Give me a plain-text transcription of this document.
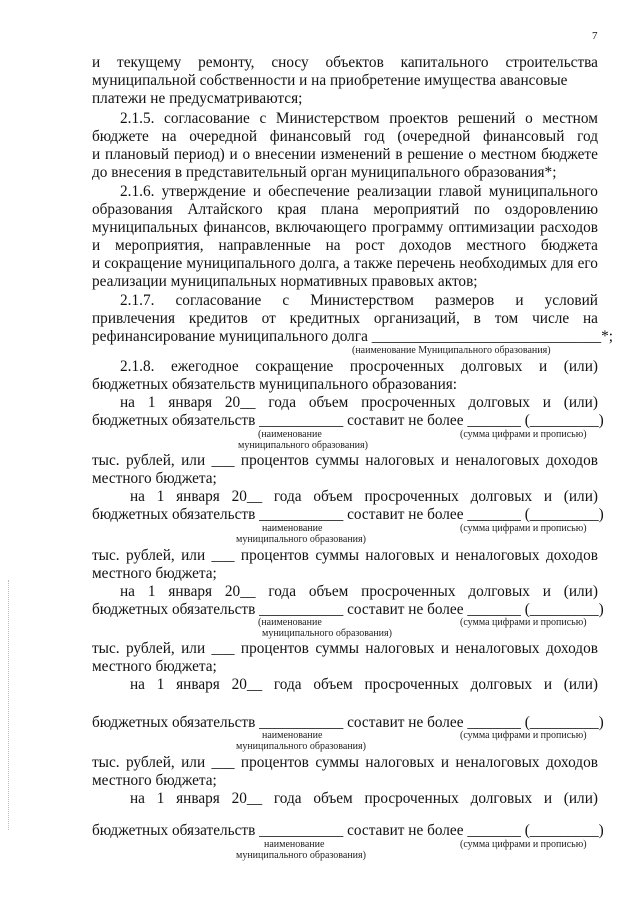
7
и текущему ремонту, сносу объектов капитального строительства
муниципальной собственности и на приобретение имущества авансовые
платежи не предусматриваются;
2.1.5. согласование с Министерством проектов решений о местном
бюджете на очередной финансовый год (очередной финансовый год
и плановый период) и о внесении изменений в решение о местном бюджете
до внесения в представительный орган муниципального образования*;
2.1.6. утверждение и обеспечение реализации главой муниципального
образования Алтайского края плана мероприятий по оздоровлению
муниципальных финансов, включающего программу оптимизации расходов
и мероприятия, направленные на рост доходов местного бюджета
и сокращение муниципального долга, а также перечень необходимых для его
реализации муниципальных нормативных правовых актов;
2.1.7. согласование с Министерством размеров и условий
привлечения кредитов от кредитных организаций, в том числе на
рефинансирование муниципального долга ______________________________*;
(наименование Муниципального образования)
2.1.8. ежегодное сокращение просроченных долговых и (или)
бюджетных обязательств муниципального образования:
на 1 января 20__ года объем просроченных долговых и (или)
бюджетных обязательств ___________ составит не более _______ (_________)
(наименование	(сумма цифрами и прописью)
муниципального образования)
тыс. рублей, или ___ процентов суммы налоговых и неналоговых доходов
местного бюджета;
на 1 января 20__ года объем просроченных долговых и (или)
бюджетных обязательств ___________ составит не более _______ (_________)
наименование	(сумма цифрами и прописью)
муниципального образования)
тыс. рублей, или ___ процентов суммы налоговых и неналоговых доходов
местного бюджета;
на 1 января 20__ года объем просроченных долговых и (или)
бюджетных обязательств ___________ составит не более _______ (_________)
(наименование	(сумма цифрами и прописью)
муниципального образования)
тыс. рублей, или ___ процентов суммы налоговых и неналоговых доходов
местного бюджета;
на 1 января 20__ года объем просроченных долговых и (или)
бюджетных обязательств ___________ составит не более _______ (_________)
наименование	(сумма цифрами и прописью)
муниципального образования)
тыс. рублей, или ___ процентов суммы налоговых и неналоговых доходов
местного бюджета;
на 1 января 20__ года объем просроченных долговых и (или)
бюджетных обязательств ___________ составит не более _______ (_________)
наименование	(сумма цифрами и прописью)
муниципального образования)
